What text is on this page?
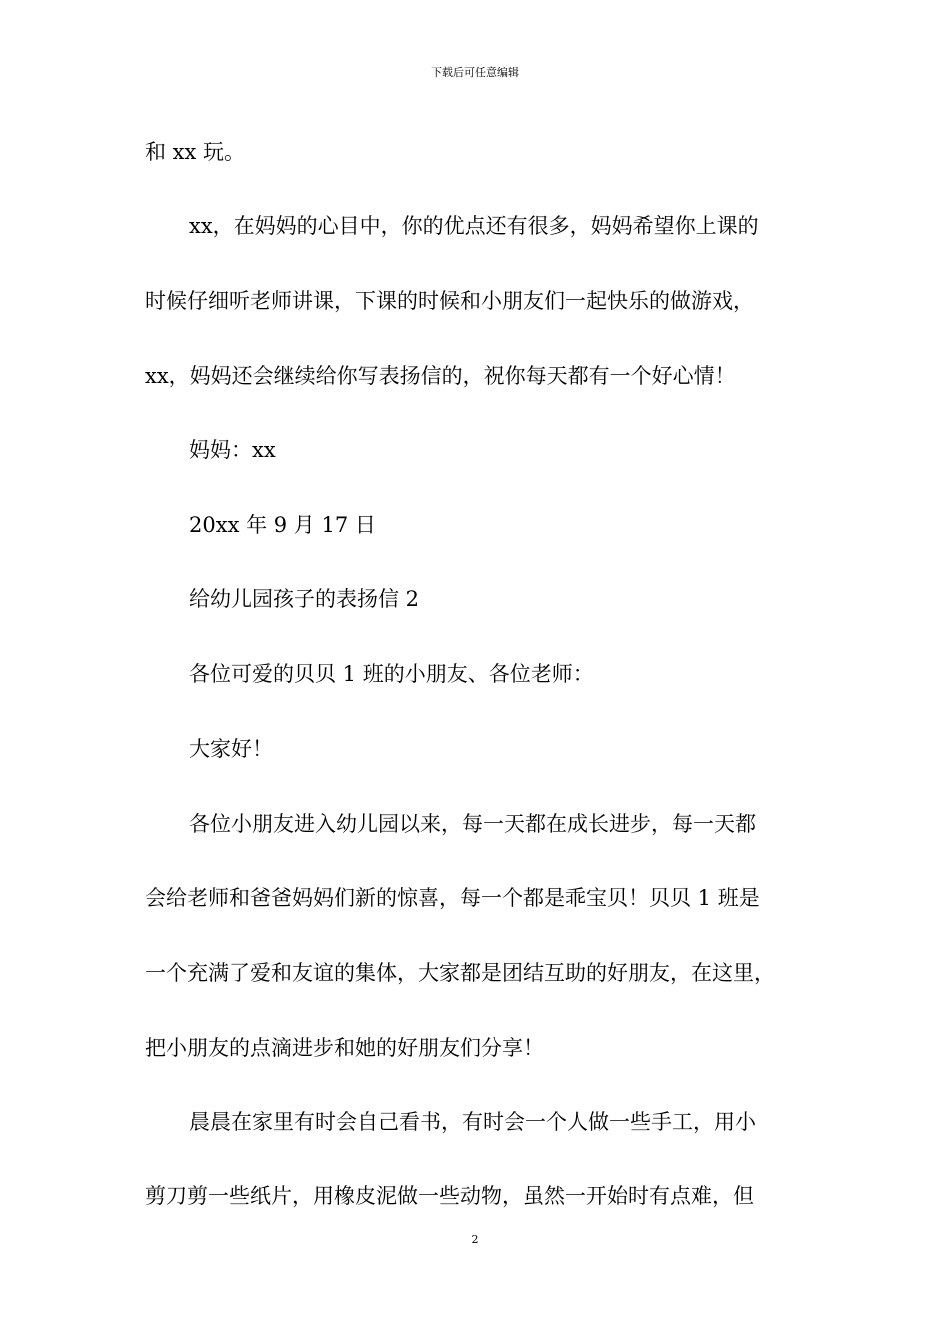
下载后可任意编辑
和 xx 玩。
xx，在妈妈的心目中，你的优点还有很多，妈妈希望你上课的
时候仔细听老师讲课，下课的时候和小朋友们一起快乐的做游戏，
xx，妈妈还会继续给你写表扬信的，祝你每天都有一个好心情！
妈妈：xx
20xx 年 9 月 17 日
给幼儿园孩子的表扬信 2
各位可爱的贝贝 1 班的小朋友、各位老师：
大家好！
各位小朋友进入幼儿园以来，每一天都在成长进步，每一天都
会给老师和爸爸妈妈们新的惊喜，每一个都是乖宝贝！贝贝 1 班是
一个充满了爱和友谊的集体，大家都是团结互助的好朋友，在这里，
把小朋友的点滴进步和她的好朋友们分享！
晨晨在家里有时会自己看书，有时会一个人做一些手工，用小
剪刀剪一些纸片，用橡皮泥做一些动物，虽然一开始时有点难，但
2
